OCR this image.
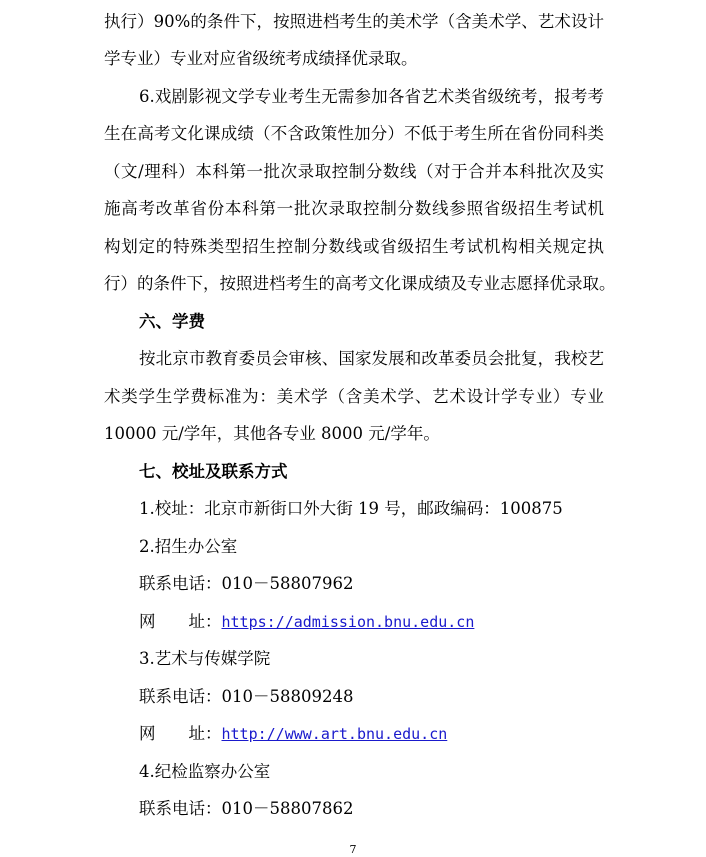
执行）90%的条件下，按照进档考生的美术学（含美术学、艺术设计
学专业）专业对应省级统考成绩择优录取。
6.戏剧影视文学专业考生无需参加各省艺术类省级统考，报考考
生在高考文化课成绩（不含政策性加分）不低于考生所在省份同科类
（文/理科）本科第一批次录取控制分数线（对于合并本科批次及实
施高考改革省份本科第一批次录取控制分数线参照省级招生考试机
构划定的特殊类型招生控制分数线或省级招生考试机构相关规定执
行）的条件下，按照进档考生的高考文化课成绩及专业志愿择优录取。
六、学费
按北京市教育委员会审核、国家发展和改革委员会批复，我校艺
术类学生学费标准为：美术学（含美术学、艺术设计学专业）专业
10000 元/学年，其他各专业 8000 元/学年。
七、校址及联系方式
1.校址：北京市新街口外大街 19 号，邮政编码：100875
2.招生办公室
联系电话：010－58807962
网　　址：https://admission.bnu.edu.cn
3.艺术与传媒学院
联系电话：010－58809248
网　　址：http://www.art.bnu.edu.cn
4.纪检监察办公室
联系电话：010－58807862
7
